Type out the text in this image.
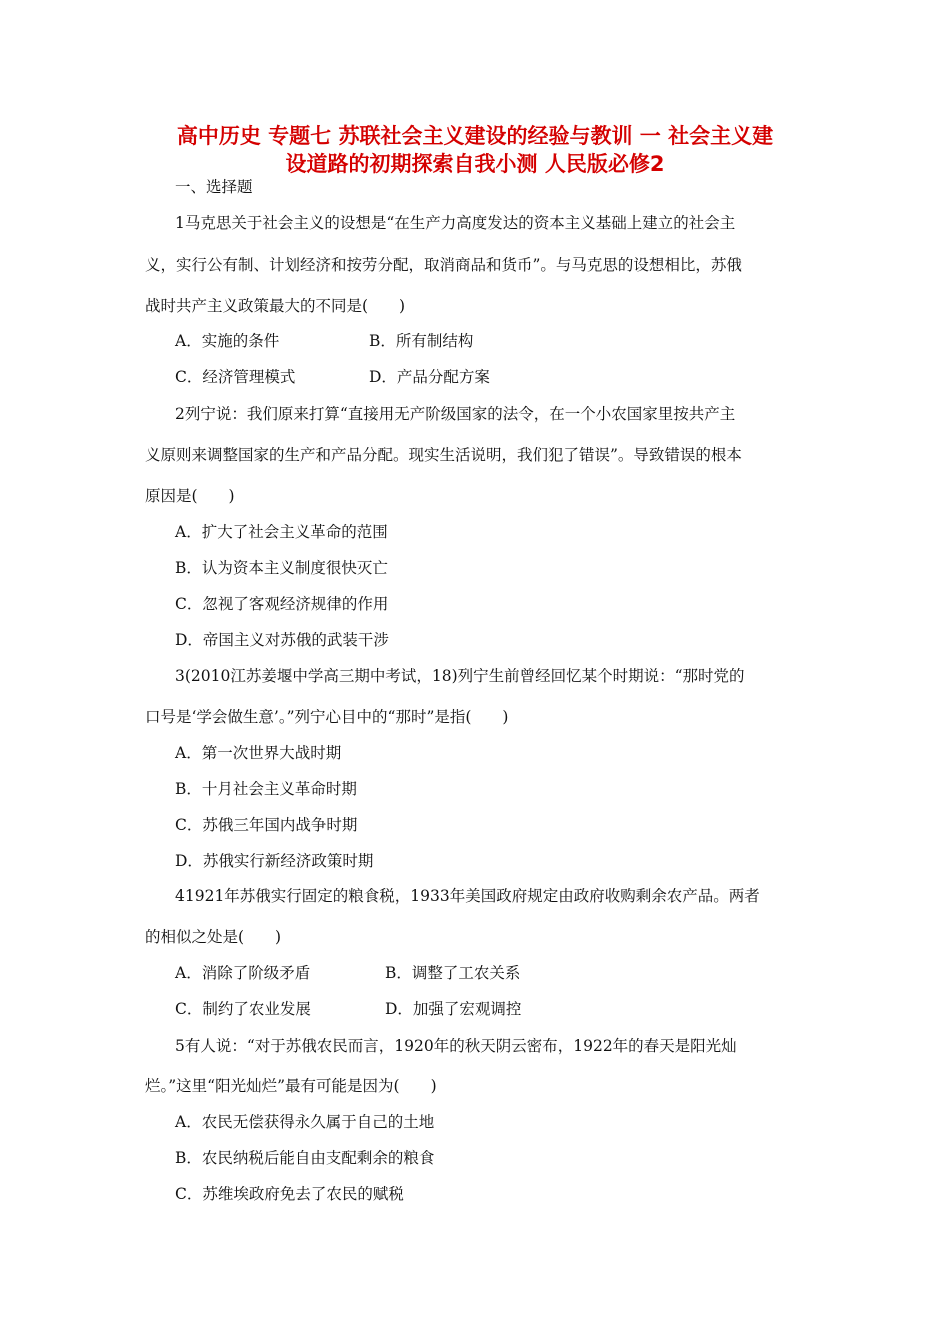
高中历史 专题七 苏联社会主义建设的经验与教训 一 社会主义建
设道路的初期探索自我小测 人民版必修2
一、选择题
1马克思关于社会主义的设想是“在生产力高度发达的资本主义基础上建立的社会主
义，实行公有制、计划经济和按劳分配，取消商品和货币”。与马克思的设想相比，苏俄
战时共产主义政策最大的不同是(　　)
A．实施的条件	B．所有制结构
C．经济管理模式	D．产品分配方案
2列宁说：我们原来打算“直接用无产阶级国家的法令，在一个小农国家里按共产主
义原则来调整国家的生产和产品分配。现实生活说明，我们犯了错误”。导致错误的根本
原因是(　　)
A．扩大了社会主义革命的范围
B．认为资本主义制度很快灭亡
C．忽视了客观经济规律的作用
D．帝国主义对苏俄的武装干涉
3(2010江苏姜堰中学高三期中考试，18)列宁生前曾经回忆某个时期说：“那时党的
口号是‘学会做生意’。”列宁心目中的“那时”是指(　　)
A．第一次世界大战时期
B．十月社会主义革命时期
C．苏俄三年国内战争时期
D．苏俄实行新经济政策时期
41921年苏俄实行固定的粮食税，1933年美国政府规定由政府收购剩余农产品。两者
的相似之处是(　　)
A．消除了阶级矛盾	B．调整了工农关系
C．制约了农业发展	D．加强了宏观调控
5有人说：“对于苏俄农民而言，1920年的秋天阴云密布，1922年的春天是阳光灿
烂。”这里“阳光灿烂”最有可能是因为(　　)
A．农民无偿获得永久属于自己的土地
B．农民纳税后能自由支配剩余的粮食
C．苏维埃政府免去了农民的赋税
